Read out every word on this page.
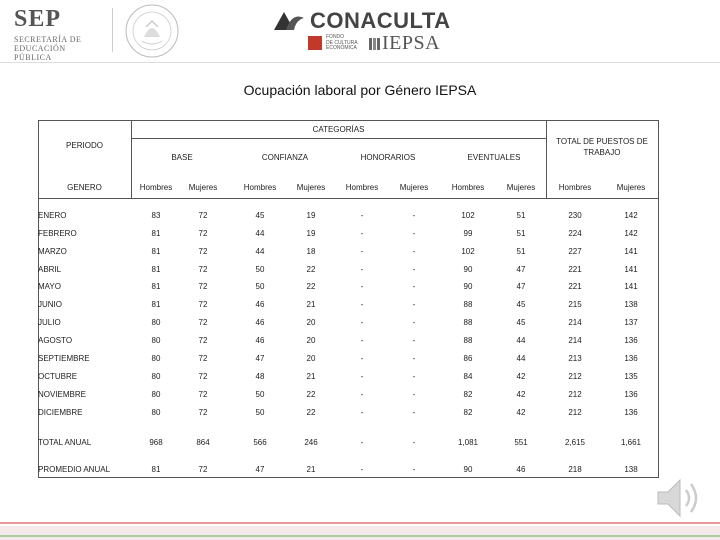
SEP
SECRETARÍA DE
EDUCACIÓN PÚBLICA
CONACULTA
FONDO
DE CULTURA
ECONÓMICA IEPSA
Ocupación laboral por Género IEPSA
CATEGORÍAS
PERIODO
GENERO
TOTAL DE PUESTOS DE TRABAJO
BASE	CONFIANZA	HONORARIOS	EVENTUALES
Hombres	Mujeres	Hombres	Mujeres	Hombres	Mujeres	Hombres	Mujeres	Hombres	Mujeres
ENERO	83	72	45	19	-	-	102	51	230	142
FEBRERO	81	72	44	19	-	-	99	51	224	142
MARZO	81	72	44	18	-	-	102	51	227	141
ABRIL	81	72	50	22	-	-	90	47	221	141
MAYO	81	72	50	22	-	-	90	47	221	141
JUNIO	81	72	46	21	-	-	88	45	215	138
JULIO	80	72	46	20	-	-	88	45	214	137
AGOSTO	80	72	46	20	-	-	88	44	214	136
SEPTIEMBRE	80	72	47	20	-	-	86	44	213	136
OCTUBRE	80	72	48	21	-	-	84	42	212	135
NOVIEMBRE	80	72	50	22	-	-	82	42	212	136
DICIEMBRE	80	72	50	22	-	-	82	42	212	136
TOTAL ANUAL	968	864	566	246	-	-	1,081	551	2,615	1,661
PROMEDIO ANUAL	81	72	47	21	-	-	90	46	218	138
